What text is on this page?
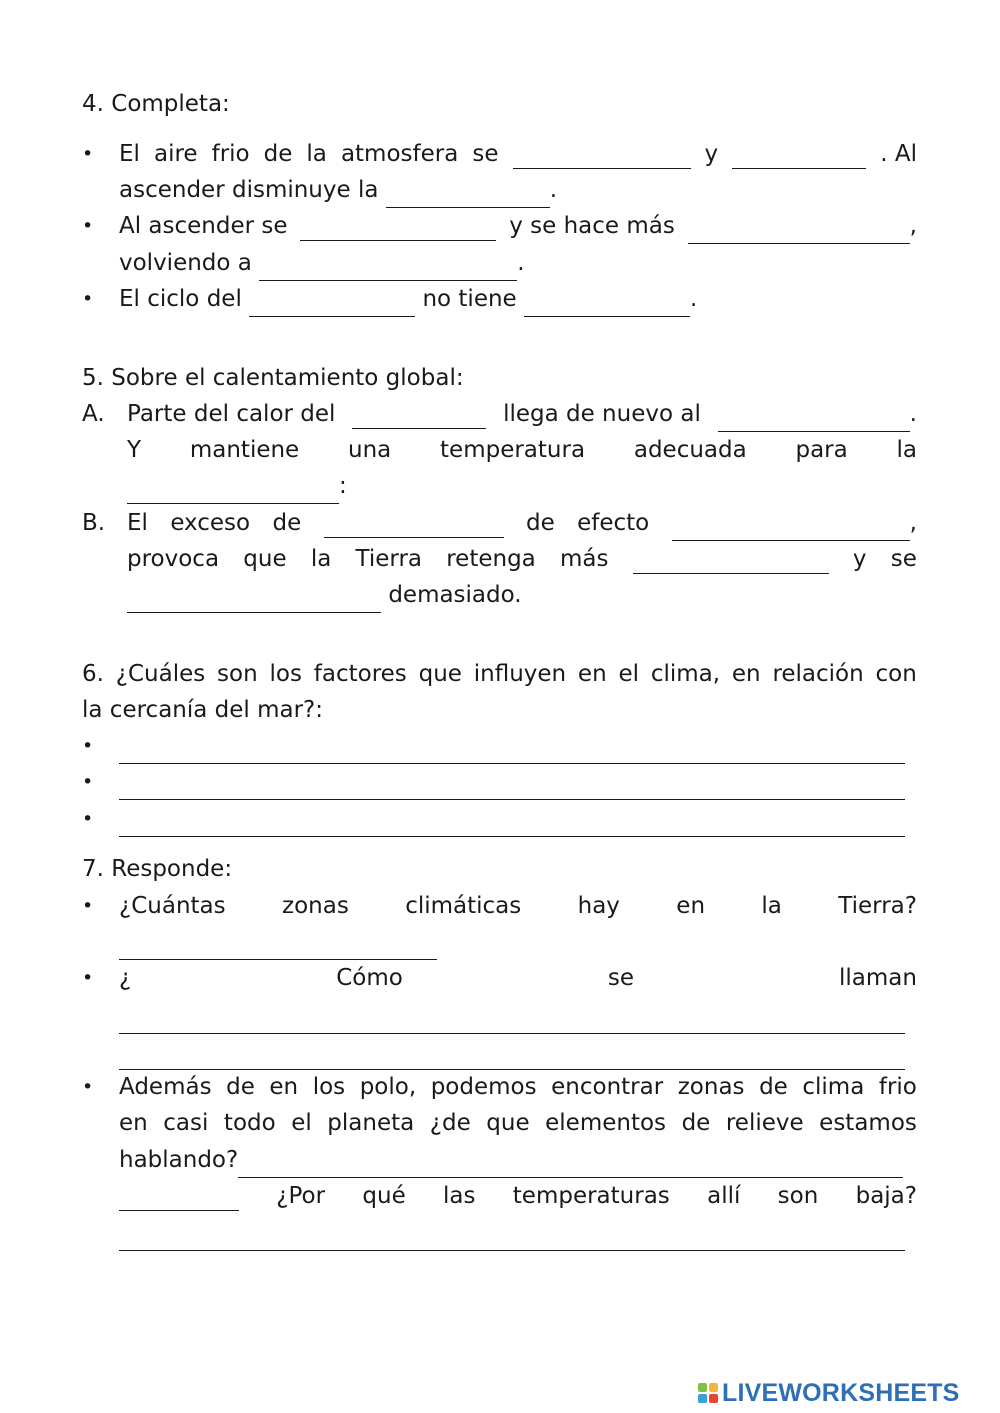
4. Completa:
• El aire frio de la atmosfera se	y	. Al
ascender disminuye la	.
• Al ascender se	y se hace más	,
volviendo a	.
• El ciclo del	no tiene	.
5. Sobre el calentamiento global:
A. Parte del calor del	llega de nuevo al	.
Y mantiene una temperatura adecuada para la
:
B. El exceso de	de efecto	,
provoca que la Tierra retenga más	y se
demasiado.
6. ¿Cuáles son los factores que influyen en el clima, en relación con
la cercanía del mar?:
•
•
•
7. Responde:
• ¿Cuántas zonas climáticas hay en la Tierra?
• ¿	Cómo	se	llaman
• Además de en los polo, podemos encontrar zonas de clima frio
en casi todo el planeta ¿de que elementos de relieve estamos
hablando?
¿Por qué las temperaturas allí son baja?
LIVEWORKSHEETS
